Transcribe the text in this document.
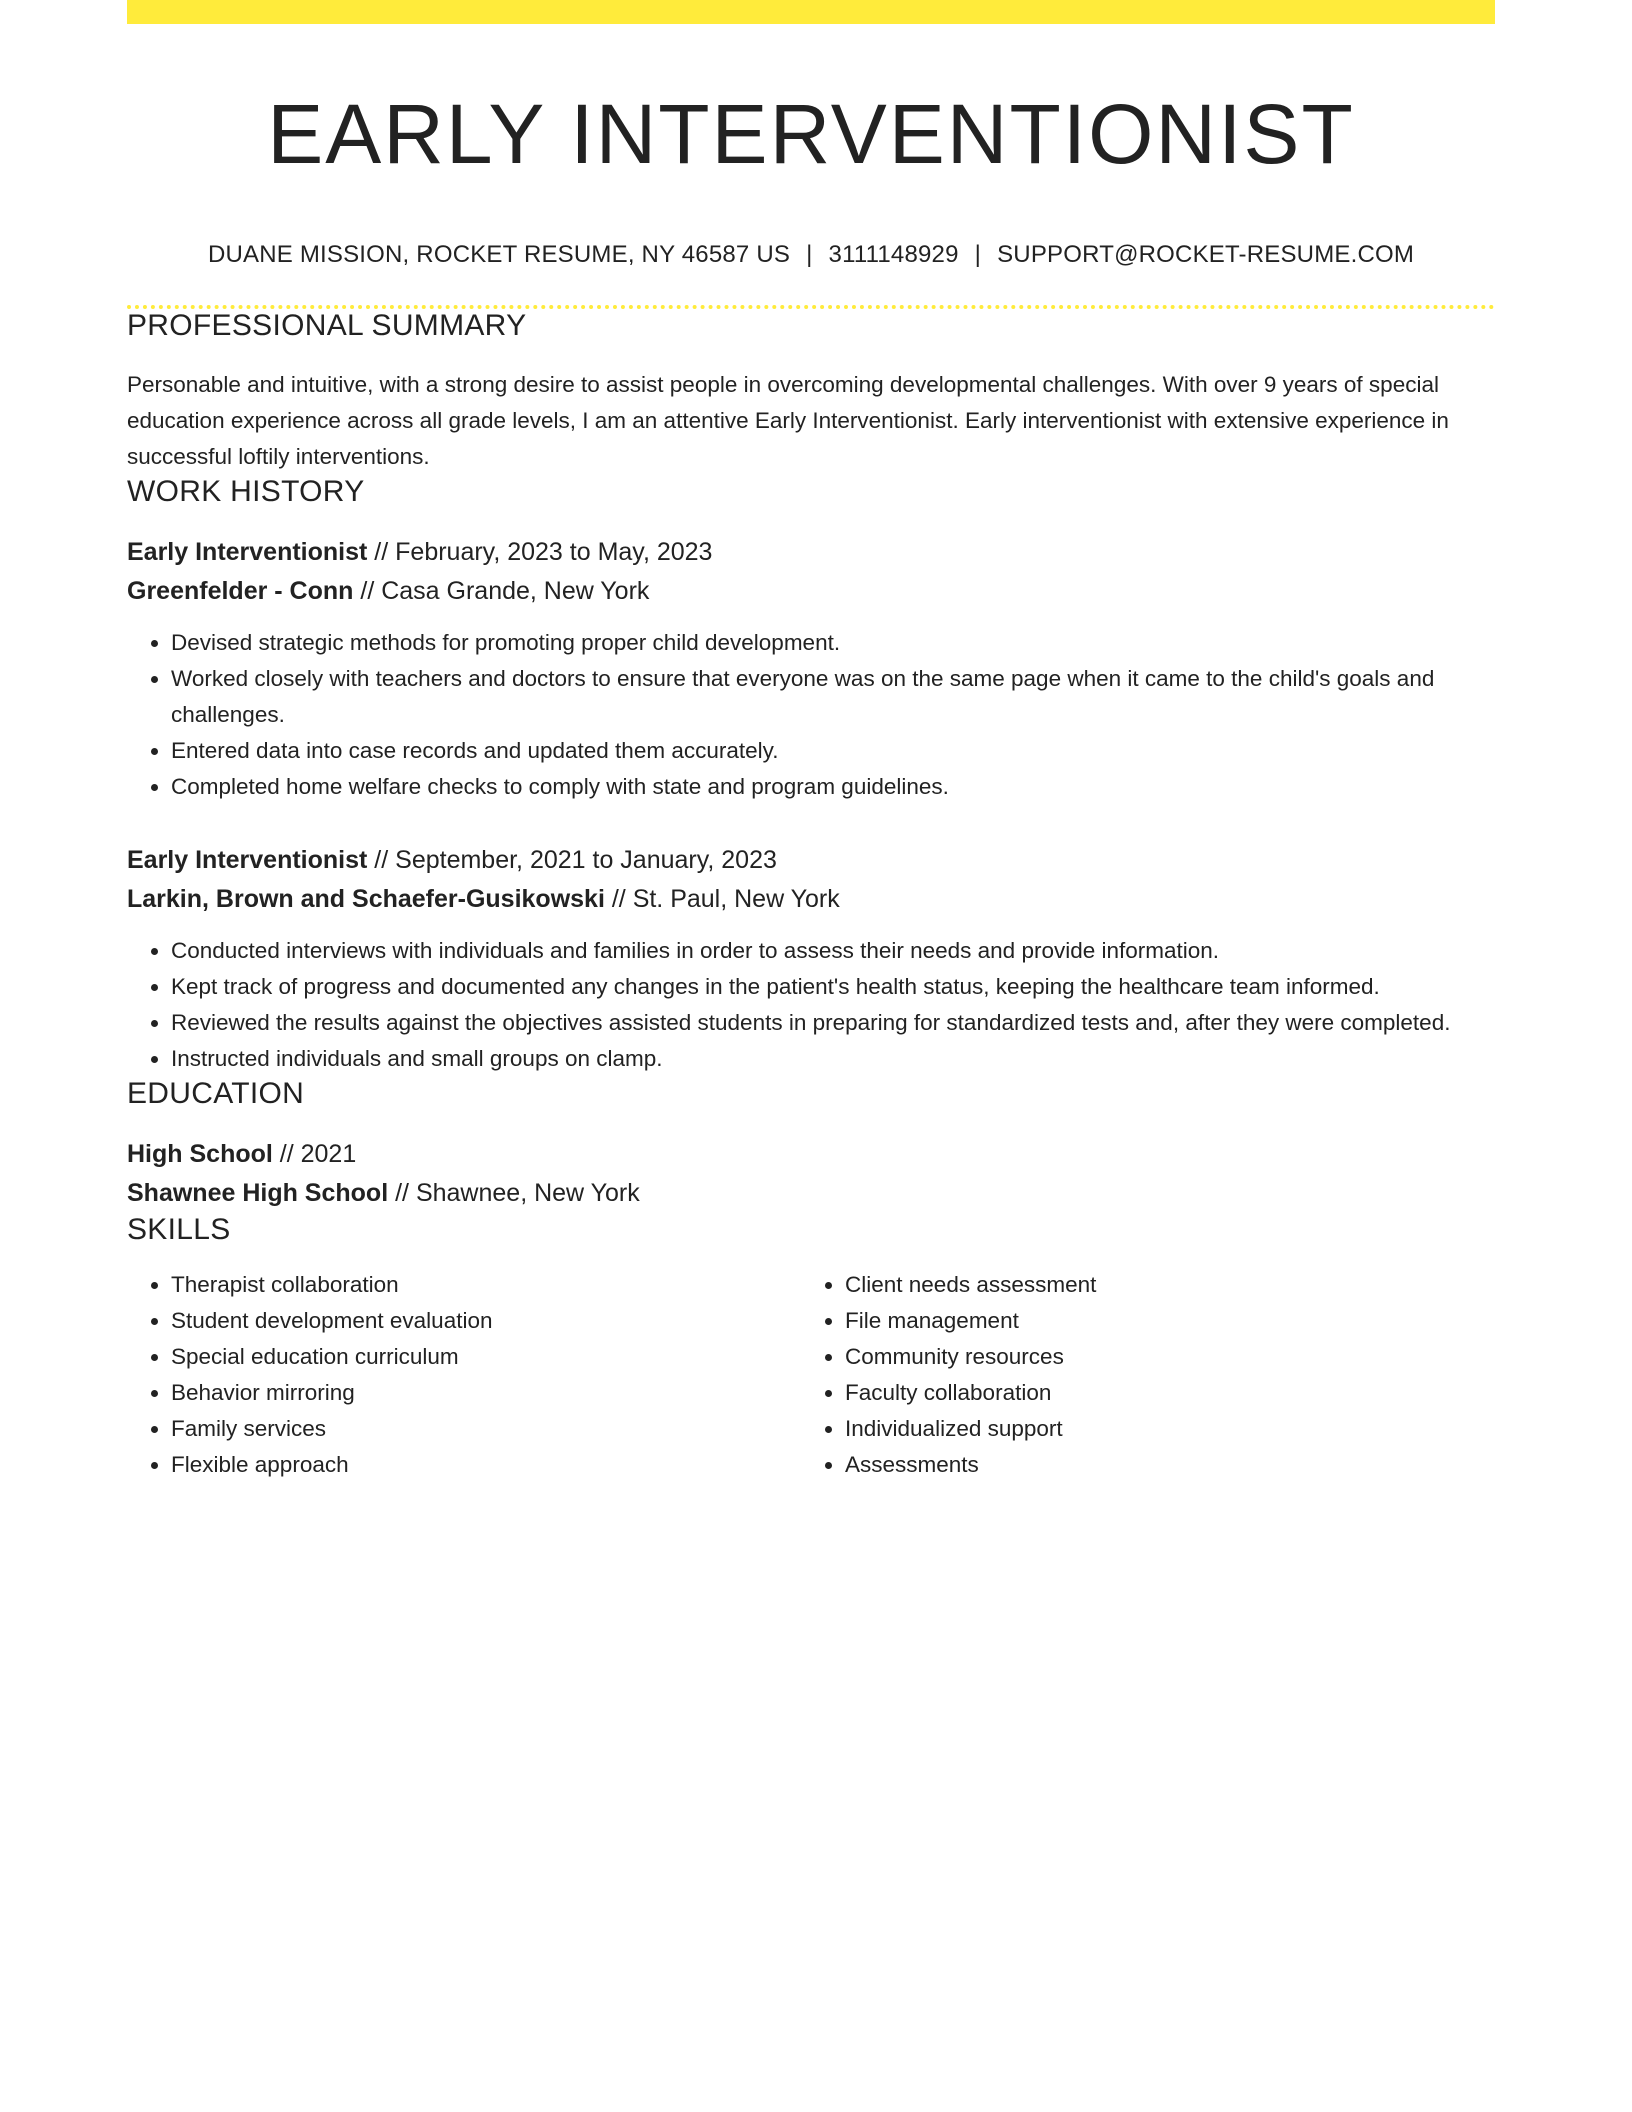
EARLY INTERVENTIONIST
DUANE MISSION, ROCKET RESUME, NY 46587 US | 3111148929 | SUPPORT@ROCKET-RESUME.COM
PROFESSIONAL SUMMARY
Personable and intuitive, with a strong desire to assist people in overcoming developmental challenges. With over 9 years of special education experience across all grade levels, I am an attentive Early Interventionist. Early interventionist with extensive experience in successful loftily interventions.
WORK HISTORY
Early Interventionist // February, 2023 to May, 2023
Greenfelder - Conn // Casa Grande, New York
• Devised strategic methods for promoting proper child development.
• Worked closely with teachers and doctors to ensure that everyone was on the same page when it came to the child's goals and challenges.
• Entered data into case records and updated them accurately.
• Completed home welfare checks to comply with state and program guidelines.
Early Interventionist // September, 2021 to January, 2023
Larkin, Brown and Schaefer-Gusikowski // St. Paul, New York
• Conducted interviews with individuals and families in order to assess their needs and provide information.
• Kept track of progress and documented any changes in the patient's health status, keeping the healthcare team informed.
• Reviewed the results against the objectives assisted students in preparing for standardized tests and, after they were completed.
• Instructed individuals and small groups on clamp.
EDUCATION
High School // 2021
Shawnee High School // Shawnee, New York
SKILLS
• Therapist collaboration
• Student development evaluation
• Special education curriculum
• Behavior mirroring
• Family services
• Flexible approach
• Client needs assessment
• File management
• Community resources
• Faculty collaboration
• Individualized support
• Assessments
